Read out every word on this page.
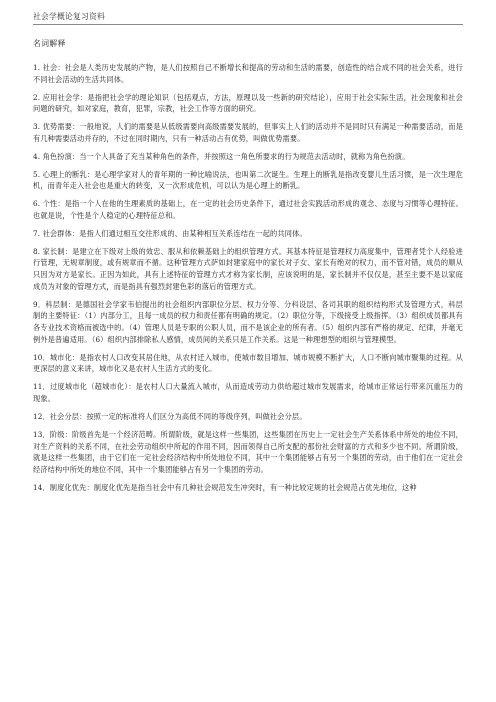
社会学概论复习资料
名词解释

1. 社会：社会是人类历史发展的产物，是人们按照自己不断增长和提高的劳动和生活的需要，创造性的结合成不同的社会关系，进行不同社会活动的生活共同体。

2. 应用社会学：是指把社会学的理论知识（包括观点，方法，原理以及一些新的研究结论），应用于社会实际生活，社会现象和社会问题的研究，如对家庭，教育，犯罪，宗教，社会工作等方面的研究。

3. 优势需要：一般地说，人们的需要是从低级需要向高级需要发展的，但事实上人们的活动并不是同时只有满足一种需要活动，而是有几种需要活动并存的，不过在同时期内，只有一种活动占有优势，叫做优势需要。

4. 角色扮演：当一个人具备了充当某种角色的条件，并按照这一角色所要求的行为规范去活动时，就称为角色扮演。

5. 心理上的断乳：是心理学家对人的青年期的一种比喻说法，也叫第二次诞生。生理上的断乳是指改变婴儿生活习惯，是一次生理危机，而青年走入社会也是重大的转变，又一次形成危机，可以认为是心理上的断乳。

6. 个性：是指一个人在他的生理素质的基础上，在一定的社会历史条件下，通过社会实践活动形成的观念、态度与习惯等心理特征。也就是说，个性是个人稳定的心理特征总和。

7. 社会群体：是指人们通过相互交往形成的、由某种相互关系连结在一起的共同体。

8. 家长制：是建立在下级对上级的效忠、服从和依赖基础上的组织管理方式。其基本特征是管理权力高度集中，管理者凭个人经验进行管理，无规章制度，或有规章而不循。这种管理方式萨如封建家庭中的家长对子女、家长有绝对的权力，而不管对错，成员的顺从只因为对方是家长。正因为如此，具有上述特征的管理方式才称为家长制，应该说明的是，家长制并不仅仅是，甚至主要不是以家庭成员为对象的管理方式，而是指具有强烈封建色彩的落后的管理方式。

9．科层制：是德国社会学家韦伯提出的社会组织内部职位分层、权力分等、分科设层、各司其职的组织结构形式及管理方式，科层制的主要特征：（1）内部分工，且每一成员的权力和责任都有明确的规定。（2）职位分等，下级接受上级指挥。（3）组织成员都具有各专业技术资格而被选中的。（4）管理人员是专职的公职人员，而不是该企业的所有者。（5）组织内部有严格的规定、纪律，并毫无例外是普遍适用。（6）组织内部排除私人感情，成员间的关系只是工作关系。这是一种理想型的组织与管理模型。

10．城市化：是指农村人口改变其居住地，从农村迁入城市，使城市数目增加、城市规模不断扩大，人口不断向城市聚集的过程。从更深层的意义来讲，城市化又是农村人生活方式的变化。

11．过度城市化（超城市化）：是农村人口大量流入城市，从而造成劳动力供给超过城市发展需求，给城市正常运行带来沉重压力的现象。

12．社会分层：按照一定的标准将人们区分为高低不同的等级序列，叫做社会分层。

13．阶级：阶级首先是一个经济范畴。所谓阶级，就是这样一些集团，这些集团在历史上一定社会生产关系体系中所处的地位不同，对生产资料的关系不同，在社会劳动组织中所起的作用不同，因而领得自己所支配的那份社会财富的方式和多少也不同。所谓阶级，就是这样一些集团，由于它们在一定社会经济结构中所处地位不同，其中一个集团能够占有另一个集团的劳动，由于他们在一定社会经济结构中所处的地位不同，其中一个集团能够占有另一个集团的劳动。

14．制度化优先：制度化优先是指当社会中有几种社会规范发生冲突时，有一种比较定规的社会规范占优先地位，这种
